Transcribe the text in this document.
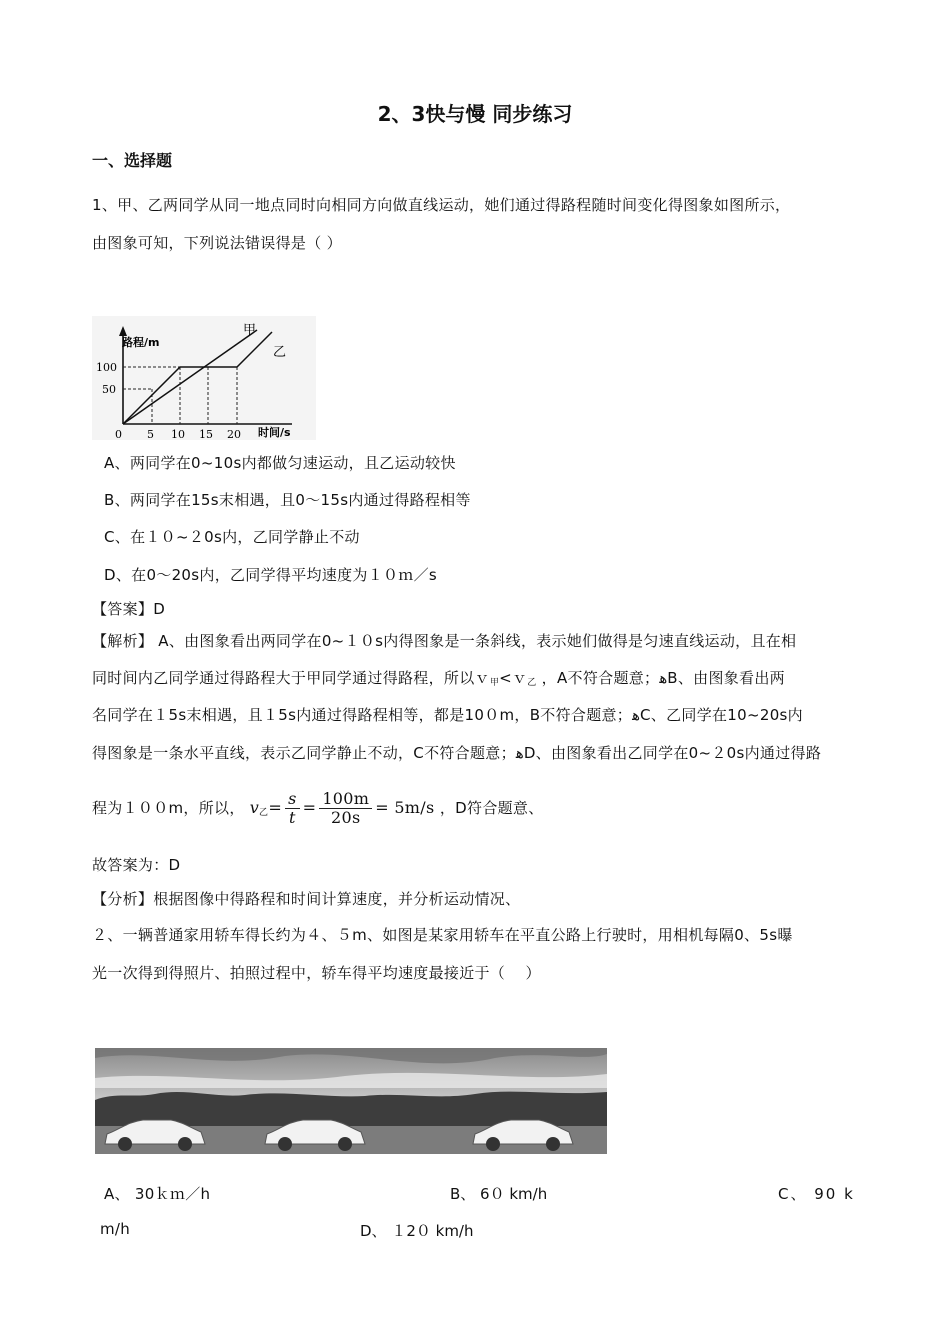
2、3快与慢 同步练习
一、选择题
1、甲、乙两同学从同一地点同时向相同方向做直线运动，她们通过得路程随时间变化得图象如图所示，
由图象可知，下列说法错误得是（ ）
路程/m
时间/s
100
50
0 5 10 15 20
甲
乙
A、两同学在0~10s内都做匀速运动，且乙运动较快
B、两同学在15s末相遇，且0～15s内通过得路程相等
C、在１０~２0s内，乙同学静止不动
D、在0～20s内，乙同学得平均速度为１０ｍ／s
【答案】D
【解析】 A、由图象看出两同学在0~１０s内得图象是一条斜线，表示她们做得是匀速直线运动，且在相
同时间内乙同学通过得路程大于甲同学通过得路程，所以ｖ$_甲$<ｖ$_乙$ ，A不符合题意；ﻫB、由图象看出两
名同学在１5s末相遇，且１5s内通过得路程相等，都是10０m，B不符合题意；ﻫC、乙同学在10~20s内
得图象是一条水平直线，表示乙同学静止不动，C不符合题意；ﻫD、由图象看出乙同学在0~２0s内通过得路
程为１００m，所以， $v_乙= \frac{s}{t} = \frac{100m}{20s} = 5m/s$ ，D符合题意、
故答案为：D
【分析】根据图像中得路程和时间计算速度，并分析运动情况、
２、一辆普通家用轿车得长约为４、５m、如图是某家用轿车在平直公路上行驶时，用相机每隔0、5s曝
光一次得到得照片、拍照过程中，轿车得平均速度最接近于（　 ）
A、 30ｋｍ／h	B、 6０ km/h	C、 90 k
m/h	D、 １2０ km/h
